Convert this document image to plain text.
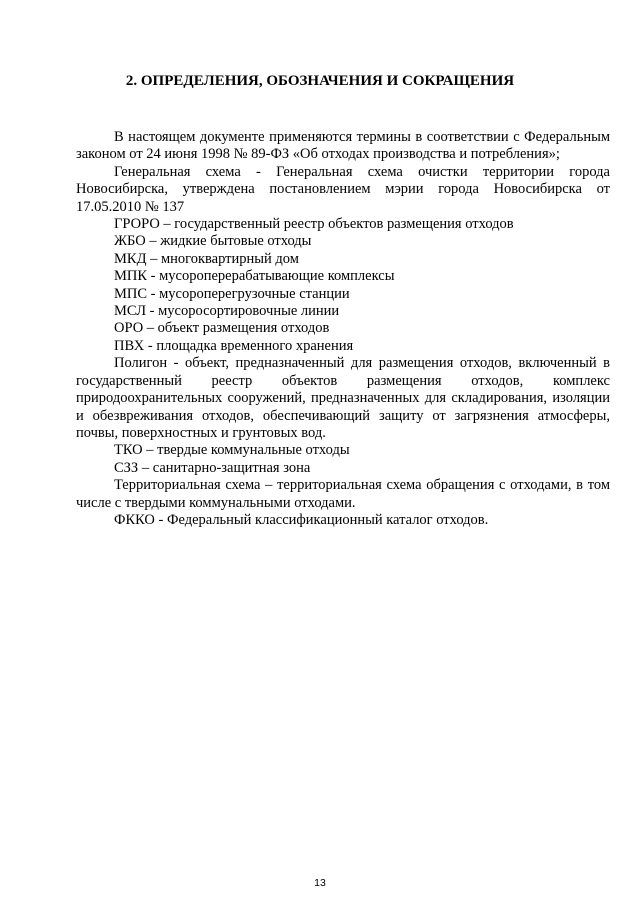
2. ОПРЕДЕЛЕНИЯ, ОБОЗНАЧЕНИЯ И СОКРАЩЕНИЯ

В настоящем документе применяются термины в соответствии с Федеральным законом от 24 июня 1998 № 89-ФЗ «Об отходах производства и потребления»;

Генеральная схема - Генеральная схема очистки территории города Новосибирска, утверждена постановлением мэрии города Новосибирска от 17.05.2010 № 137

ГРОРО – государственный реестр объектов размещения отходов

ЖБО – жидкие бытовые отходы

МКД – многоквартирный дом

МПК - мусороперерабатывающие комплексы

МПС - мусороперегрузочные станции

МСЛ - мусоросортировочные линии

ОРО – объект размещения отходов

ПВХ - площадка временного хранения

Полигон - объект, предназначенный для размещения отходов, включенный в государственный реестр объектов размещения отходов, комплекс природоохранительных сооружений, предназначенных для складирования, изоляции и обезвреживания отходов, обеспечивающий защиту от загрязнения атмосферы, почвы, поверхностных и грунтовых вод.

ТКО – твердые коммунальные отходы

СЗЗ – санитарно-защитная зона

Территориальная схема – территориальная схема обращения с отходами, в том числе с твердыми коммунальными отходами.

ФККО - Федеральный классификационный каталог отходов.

13
